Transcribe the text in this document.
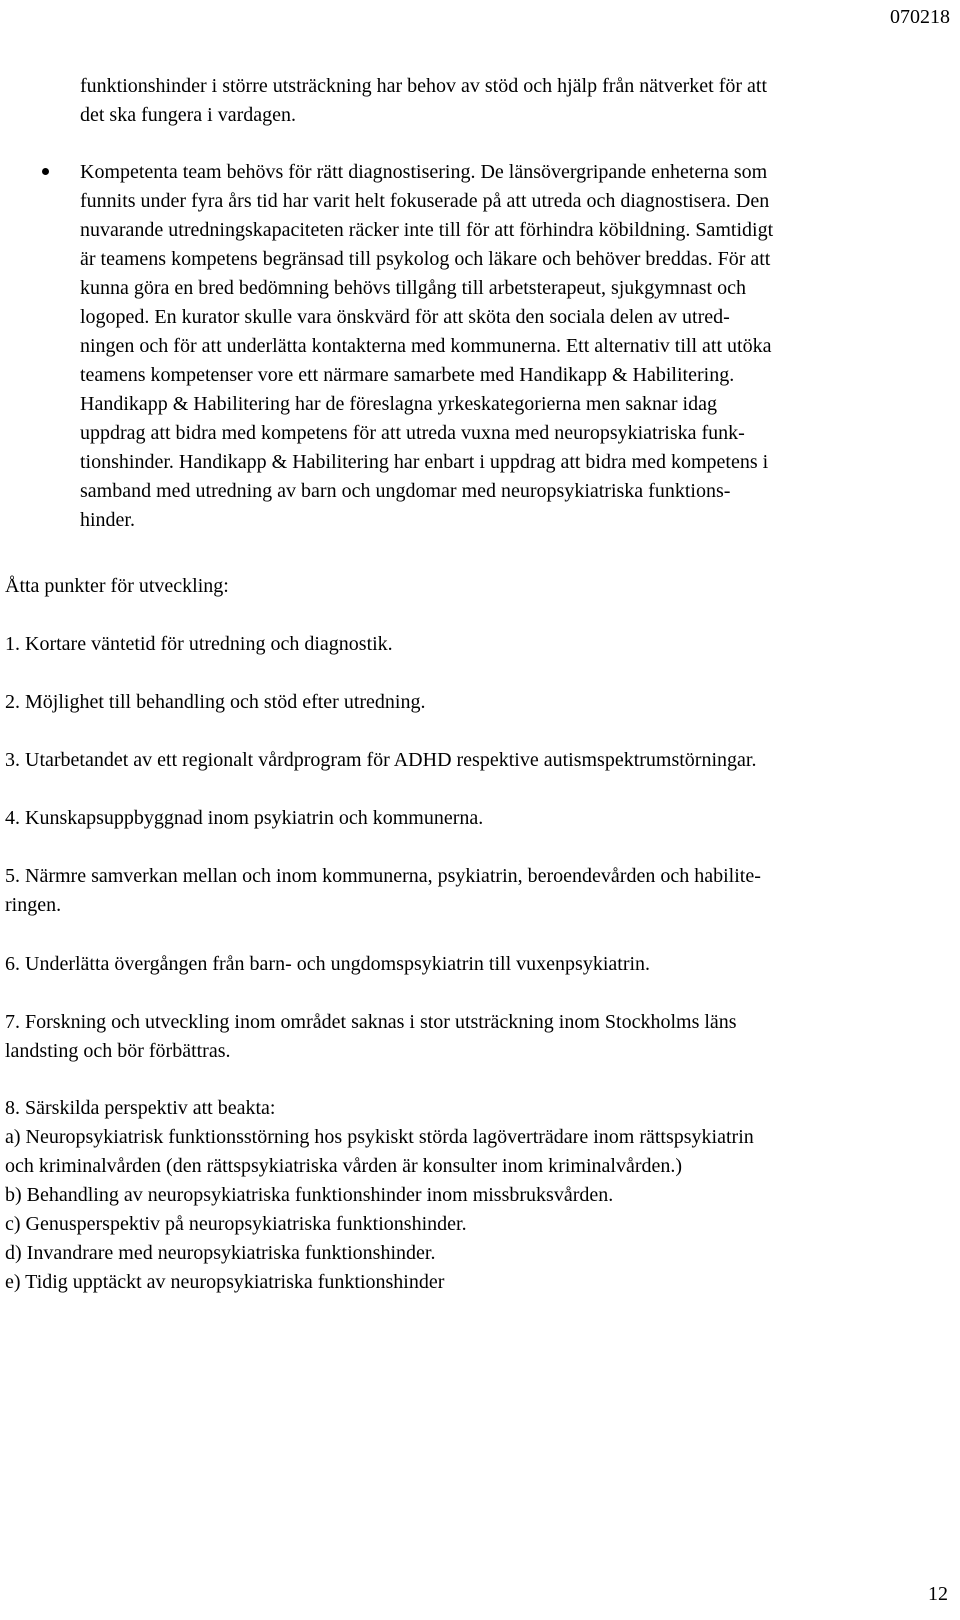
070218

funktionshinder i större utsträckning har behov av stöd och hjälp från nätverket för att
det ska fungera i vardagen.

Kompetenta team behövs för rätt diagnostisering. De länsövergripande enheterna som
funnits under fyra års tid har varit helt fokuserade på att utreda och diagnostisera. Den
nuvarande utredningskapaciteten räcker inte till för att förhindra köbildning. Samtidigt
är teamens kompetens begränsad till psykolog och läkare och behöver breddas. För att
kunna göra en bred bedömning behövs tillgång till arbetsterapeut, sjukgymnast och
logoped. En kurator skulle vara önskvärd för att sköta den sociala delen av utred-
ningen och för att underlätta kontakterna med kommunerna. Ett alternativ till att utöka
teamens kompetenser vore ett närmare samarbete med Handikapp & Habilitering.
Handikapp & Habilitering har de föreslagna yrkeskategorierna men saknar idag
uppdrag att bidra med kompetens för att utreda vuxna med neuropsykiatriska funk-
tionshinder. Handikapp & Habilitering har enbart i uppdrag att bidra med kompetens i
samband med utredning av barn och ungdomar med neuropsykiatriska funktions-
hinder.

Åtta punkter för utveckling:

1. Kortare väntetid för utredning och diagnostik.

2. Möjlighet till behandling och stöd efter utredning.

3. Utarbetandet av ett regionalt vårdprogram för ADHD respektive autismspektrumstörningar.

4. Kunskapsuppbyggnad inom psykiatrin och kommunerna.

5. Närmre samverkan mellan och inom kommunerna, psykiatrin, beroendevården och habilite-
ringen.

6. Underlätta övergången från barn- och ungdomspsykiatrin till vuxenpsykiatrin.

7. Forskning och utveckling inom området saknas i stor utsträckning inom Stockholms läns
landsting och bör förbättras.

8. Särskilda perspektiv att beakta:

a) Neuropsykiatrisk funktionsstörning hos psykiskt störda lagöverträdare inom rättspsykiatrin
och kriminalvården (den rättspsykiatriska vården är konsulter inom kriminalvården.)
b) Behandling av neuropsykiatriska funktionshinder inom missbruksvården.
c) Genusperspektiv på neuropsykiatriska funktionshinder.
d) Invandrare med neuropsykiatriska funktionshinder.
e) Tidig upptäckt av neuropsykiatriska funktionshinder
12
